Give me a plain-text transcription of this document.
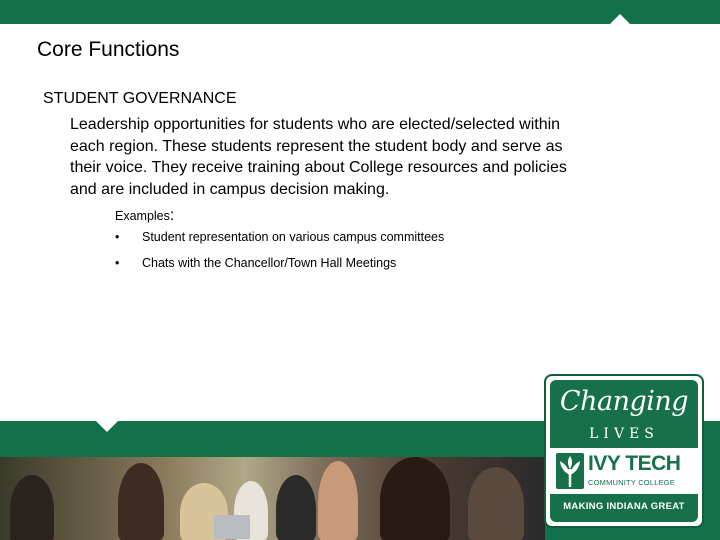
Core Functions

STUDENT GOVERNANCE

Leadership opportunities for students who are elected/selected within each region. These students represent the student body and serve as their voice. They receive training about College resources and policies and are included in campus decision making.

Examples:
•	Student representation on various campus committees
•	Chats with the Chancellor/Town Hall Meetings
Changing
LIVES
IVY TECH
COMMUNITY COLLEGE
MAKING INDIANA GREAT
